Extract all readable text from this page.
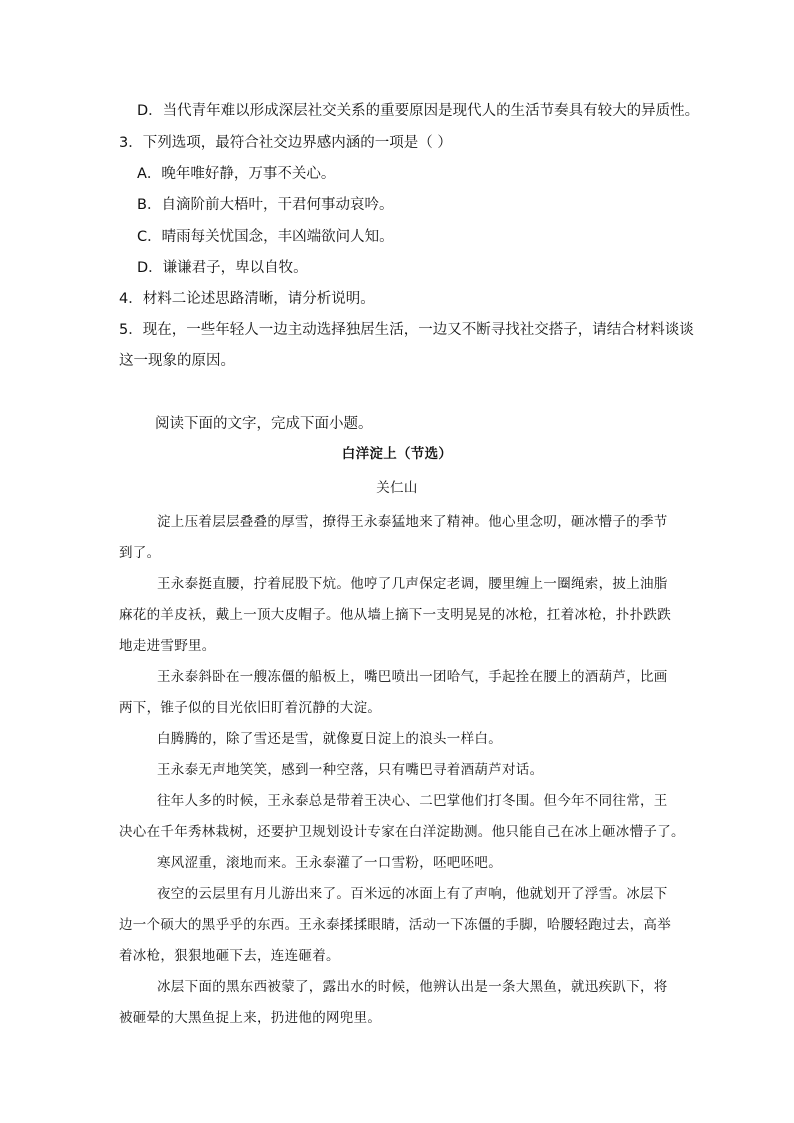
D．当代青年难以形成深层社交关系的重要原因是现代人的生活节奏具有较大的异质性。
3．下列选项，最符合社交边界感内涵的一项是（ ）
A．晚年唯好静，万事不关心。
B．自滴阶前大梧叶，干君何事动哀吟。
C．晴雨每关忧国念，丰凶端欲问人知。
D．谦谦君子，卑以自牧。
4．材料二论述思路清晰，请分析说明。
5．现在，一些年轻人一边主动选择独居生活，一边又不断寻找社交搭子，请结合材料谈谈
这一现象的原因。
阅读下面的文字，完成下面小题。
白洋淀上（节选）
关仁山
淀上压着层层叠叠的厚雪，撩得王永泰猛地来了精神。他心里念叨，砸冰懵子的季节
到了。
王永泰挺直腰，拧着屁股下炕。他哼了几声保定老调，腰里缠上一圈绳索，披上油脂
麻花的羊皮袄，戴上一顶大皮帽子。他从墙上摘下一支明晃晃的冰枪，扛着冰枪，扑扑跌跌
地走进雪野里。
王永泰斜卧在一艘冻僵的船板上，嘴巴喷出一团哈气，手起拴在腰上的酒葫芦，比画
两下，锥子似的目光依旧盯着沉静的大淀。
白腾腾的，除了雪还是雪，就像夏日淀上的浪头一样白。
王永泰无声地笑笑，感到一种空落，只有嘴巴寻着酒葫芦对话。
往年人多的时候，王永泰总是带着王决心、二巴掌他们打冬围。但今年不同往常，王
决心在千年秀林栽树，还要护卫规划设计专家在白洋淀勘测。他只能自己在冰上砸冰懵子了。
寒风涩重，滚地而来。王永泰灌了一口雪粉，呸吧呸吧。
夜空的云层里有月儿游出来了。百米远的冰面上有了声响，他就划开了浮雪。冰层下
边一个硕大的黑乎乎的东西。王永泰揉揉眼睛，活动一下冻僵的手脚，哈腰轻跑过去，高举
着冰枪，狠狠地砸下去，连连砸着。
冰层下面的黑东西被蒙了，露出水的时候，他辨认出是一条大黑鱼，就迅疾趴下，将
被砸晕的大黑鱼捉上来，扔进他的网兜里。
